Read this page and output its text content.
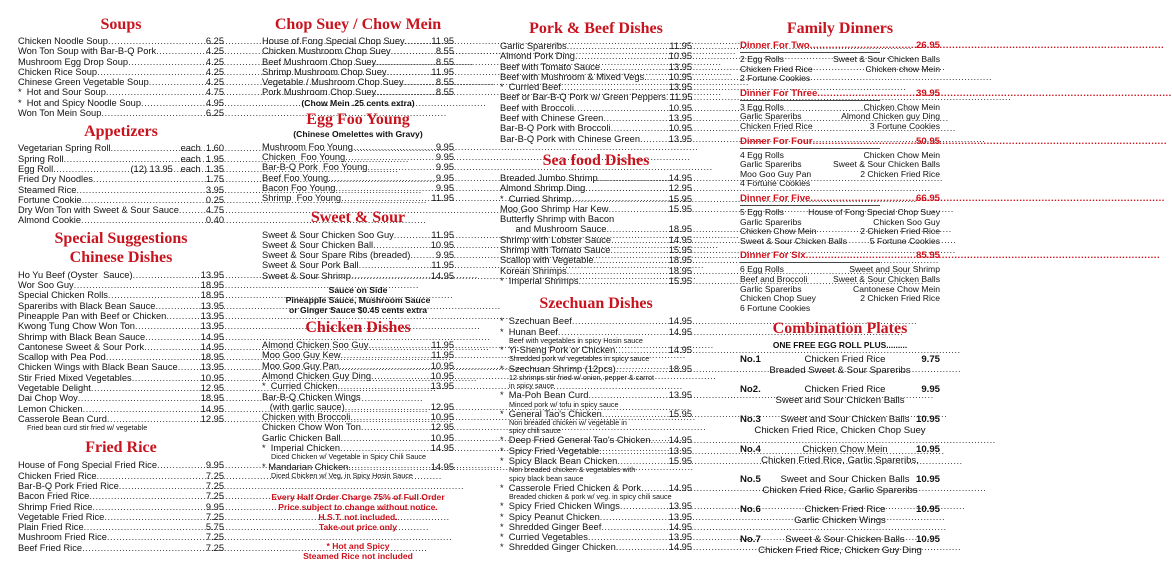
Soups
Chicken Noodle Soup .....	6.25
Won Ton Soup with Bar-B-Q Pork .....	4.25
Mushroom Egg Drop Soup .....	4.25
Chicken Rice Soup .....	4.25
Chinese Green Vegetable Soup .....	4.25
*  Hot and Sour Soup .....	4.75
*  Hot and Spicy Noodle Soup .....	4.95
Won Ton Mein Soup .....	6.25
Appetizers
Vegetarian Spring Roll .....	each  1.60
Spring Roll .....	each  1.95
Egg Roll .....	(12) 13.95   each  1.35
Fried Dry Noodles .....	1.75
Steamed Rice .....	3.95
Fortune Cookie .....	0.25
Dry Won Ton with Sweet & Sour Sauce .....	4.75
Almond Cookie .....	0.40
Special Suggestions
Chinese Dishes
Ho Yu Beef (Oyster  Sauce) .....	13.95
Wor Soo Guy .....	18.95
Special Chicken Rolls .....	18.95
Spareribs with Black Bean Sauce .....	13.95
Pineapple Pan with Beef or Chicken .....	13.95
Kwong Tung Chow Won Ton .....	13.95
Shrimp with Black Bean Sauce .....	14.95
Cantonese Sweet & Sour Pork .....	14.95
Scallop with Pea Pod .....	18.95
Chicken Wings with Black Bean Sauce ..... 13.95
Stir Fried Mixed Vegetables .....	10.95
Vegetable Delight .....	12.95
Dai Chop Woy .....	18.95
Lemon Chicken .....	14.95
Casserole Bean Curd .....	12.95
Fried bean curd stir fried w/ vegetable
Fried Rice
House of Fong Special Fried Rice .....	9.95
Chicken Fried Rice .....	7.25
Bar-B-Q Pork Fried Rice .....	7.25
Bacon Fried Rice .....	7.25
Shrimp Fried Rice .....	9.95
Vegetable Fried Rice .....	7.25
Plain Fried Rice .....	5.75
Mushroom Fried Rice .....	7.25
Beef Fried Rice .....	7.25
Chop Suey / Chow Mein
House of Fong Special Chop Suey .....	11.95
Chicken Mushroom Chop Suey .....	8.55
Beef Mushroom Chop Suey .....	8.55
Shrimp Mushroom Chop Suey .....	11.95
Vegetable / Mushroom Chop Suey .....	8.55
Pork Mushroom Chop Suey .....	8.55
(Chow Mein .25 cents extra)
Egg Foo Young
(Chinese Omelettes with Gravy)
Mushroom Foo Young .....	9.95
Chicken  Foo Young .....	9.95
Bar-B-Q Pork  Foo Young .....	9.95
Beef Foo Young .....	9.95
Bacon Foo Young .....	9.95
Shrimp  Foo Young .....	11.95
Sweet & Sour
Sweet & Sour Chicken Soo Guy .....	11.95
Sweet & Sour Chicken Ball .....	10.95
Sweet & Sour Spare Ribs (breaded) .....	9.95
Sweet & Sour Pork Ball .....	11.95
Sweet & Sour Shrimp .....	14.95
Sauce on Side
Pineapple Sauce, Mushroom Sauce
or Ginger Sauce $0.45 cents extra
Chicken Dishes
Almond Chicken Soo Guy .....	11.95
Moo Goo Guy Kew .....	11.95
Moo Goo Guy Pan .....	10.95
Almond Chicken Guy Ding .....	10.95
*  Curried Chicken .....	13.95
Bar-B-Q Chicken Wings
(with garlic sauce) .....	12.95
Chicken with Broccoli .....	10.95
Chicken Chow Won Ton .....	12.95
Garlic Chicken Ball .....	10.95
*  Imperial Chicken .....	14.95
Diced Chicken w/ Vegetable in Spicy Chili Sauce
* Mandarian Chicken .....	14.95
Diced Chicken w/ Veg. in Spicy Hosin Sauce
Every Half Order Charge 75% of Full Order
Price subject to change without notice.
H.S.T. not included.
Take-out price only
* Hot and Spicy
Steamed Rice not included
Pork & Beef Dishes
Garlic Spareribs .....	11.95
Almond Pork Ding .....	10.95
Beef with Tomato Sauce .....	13.95
Beef with Mushroom & Mixed Vegs. ..... 10.95
*  Curried Beef .....	13.95
Beef or Bar-B-Q Pork w/ Green Peppers ..... 11.95
Beef with Broccoli .....	10.95
Beef with Chinese Green .....	13.95
Bar-B-Q Pork with Broccoli .....	10.95
Bar-B-Q Pork with Chinese Green .....	13.95
Sea food Dishes
Breaded Jumbo Shrimp .....	14.95
Almond Shrimp Ding .....	12.95
*  Curried Shrimp .....	15.95
Moo Goo Shrimp Har Kew .....	15.95
Butterfly Shrimp with Bacon
and Mushroom Sauce .....	18.95
Shrimp with Lobster Sauce .....	14.95
Shrimp with Tomato Sauce .....	15.95
Scallop with Vegetable .....	18.95
Korean Shrimps .....	18.95
*  Imperial Shrimps .....	15.95
Szechuan Dishes
*  Szechuan Beef .....	14.95
*  Hunan Beef .....	14.95
Beef with vegetables in spicy Hosin sauce
*  Yi-Sheng Pork or Chicken .....	14.95
Shredded pork w/ vegetables in spicy sauce
*  Szechuan Shrimp (12pcs) .....	18.95
12 shrimps stir fried w/ onion, pepper & carrot
in spicy sauce
*  Ma-Poh Bean Curd .....	13.95
Minced pork w/ tofu in spicy sauce
*  General Tao's Chicken .....	15.95
Non breaded chicken w/ vegetable in
spicy chili sauce
*  Deep Fried General Tao's Chicken ..... 14.95
*  Spicy Fried Vegetable .....	13.95
*  Spicy Black Bean Chicken .....	15.95
Non breaded chicken & vegetables with
spicy black bean sauce
*  Casserole Fried Chicken & Pork .....	14.95
Breaded chicken & pork w/ veg. in spicy chili sauce
*  Spicy Fried Chicken Wings .....	13.95
*  Spicy Peanut Chicken .....	13.95
*  Shredded Ginger Beef .....	14.95
*  Curried Vegetables .....	13.95
*  Shredded Ginger Chicken .....	14.95
Family Dinners
Dinner For Two .....	26.95
2 Egg Rolls	Sweet & Sour Chicken Balls
Chicken Fried Rice	Chicken chow Mein
2 Fortune Cookies
Dinner For Three .....	39.95
3 Egg Rolls	Chicken Chow Mein
Garlic Spareribs	Almond Chicken guy Ding
Chicken Fried Rice	3 Fortune Cookies
Dinner For Four .....	50.95
4 Egg Rolls	Chicken Chow Mein
Garlic Spareribs	Sweet & Sour Chicken Balls
Moo Goo Guy Pan	2 Chicken Fried Rice
4 Fortune Cookies
Dinner For Five .....	66.95
5 Egg Rolls	House of Fong Special Chop Suey
Garlic Spareribs	Chicken Soo Guy
Chicken Chow Mein	2 Chicken Fried Rice
Sweet & Sour Chicken Balls	5 Fortune Cookies
Dinner For Six .....	85.95
6 Egg Rolls	Sweet and Sour Shrimp
Beef and Broccoli	Sweet & Sour Chicken Balls
Garlic Spareribs	Cantonese Chow Mein
Chicken Chop Suey	2 Chicken Fried Rice
6 Fortune Cookies
Combination Plates
ONE FREE EGG ROLL PLUS.........
No.1	Chicken Fried Rice	9.75
Breaded Sweet & Sour Spareribs
No2.	Chicken Fried Rice	9.95
Sweet and Sour Chicken Balls
No.3	Sweet and Sour Chicken Balls 10.95
Chicken Fried Rice, Chicken Chop Suey
No.4	Chicken Chow Mein	10.95
Chicken Fried Rice, Garlic Spareribs,
No.5	Sweet and Sour Chicken Balls 10.95
Chicken Fried Rice, Garlic Spareribs
No.6	Chicken Fried Rice	10.95
Garlic Chicken Wings
No.7	Sweet & Sour Chicken Balls	10.95
Chicken Fried Rice, Chicken Guy Ding
